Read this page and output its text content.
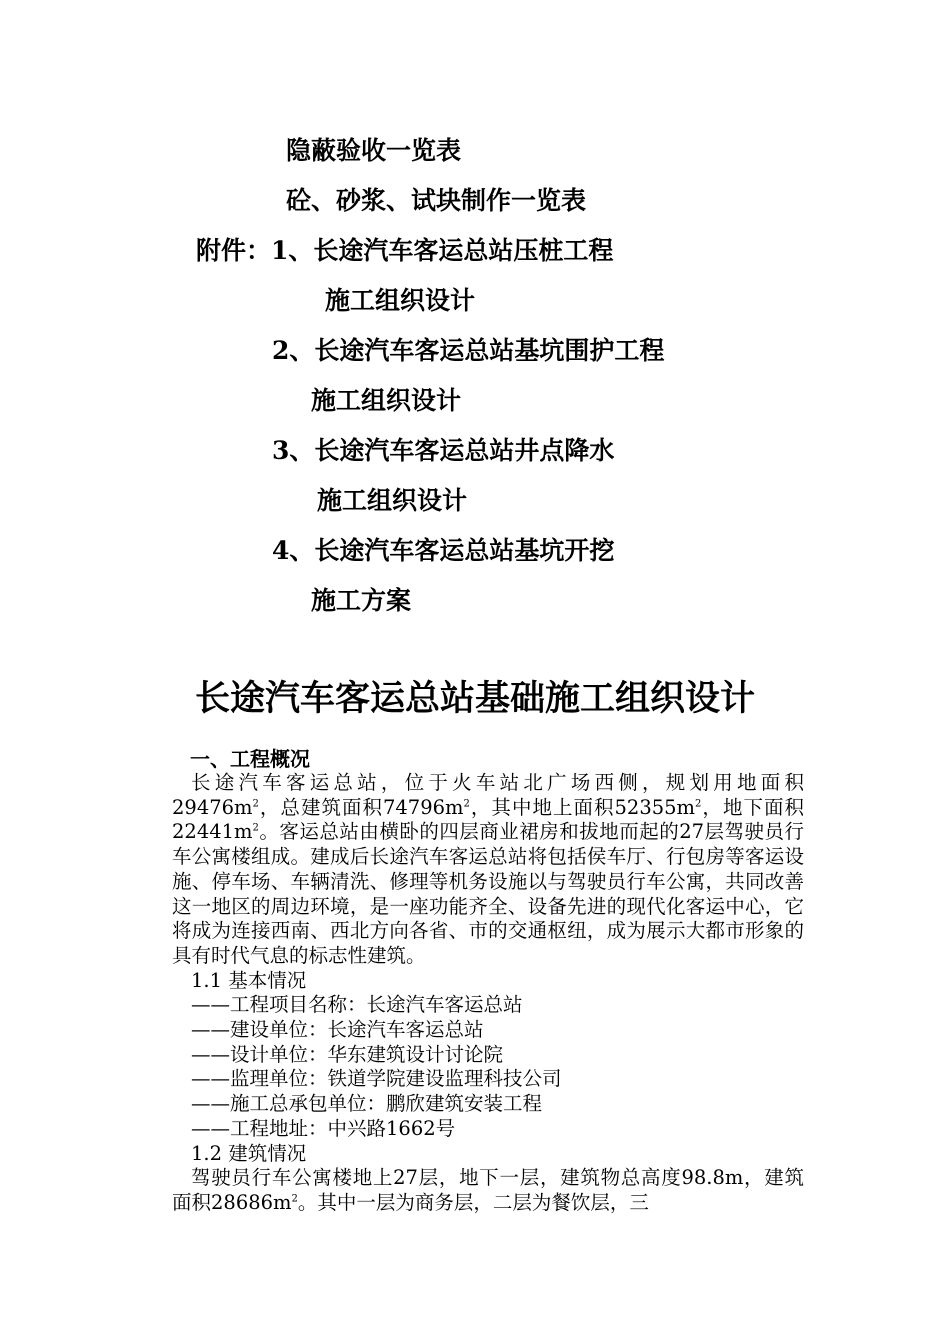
隐蔽验收一览表
砼、砂浆、试块制作一览表
附件：1、长途汽车客运总站压桩工程
施工组织设计
2、长途汽车客运总站基坑围护工程
施工组织设计
3、长途汽车客运总站井点降水
施工组织设计
4、长途汽车客运总站基坑开挖
施工方案
长途汽车客运总站基础施工组织设计
一、工程概况

长途汽车客运总站，位于火车站北广场西侧，规划用地面积$29476m^2$，总建筑面积$74796m^2$，其中地上面积$52355m^2$，地下面积$22441m^2$。客运总站由横卧的四层商业裙房和拔地而起的27层驾驶员行车公寓楼组成。建成后长途汽车客运总站将包括侯车厅、行包房等客运设施、停车场、车辆清洗、修理等机务设施以与驾驶员行车公寓，共同改善这一地区的周边环境，是一座功能齐全、设备先进的现代化客运中心，它将成为连接西南、西北方向各省、市的交通枢纽，成为展示大都市形象的具有时代气息的标志性建筑。

1.1 基本情况

——工程项目名称：长途汽车客运总站

——建设单位：长途汽车客运总站

——设计单位：华东建筑设计讨论院

——监理单位：铁道学院建设监理科技公司

——施工总承包单位：鹏欣建筑安装工程

——工程地址：中兴路1662号

1.2 建筑情况

驾驶员行车公寓楼地上27层，地下一层，建筑物总高度98.8m，建筑面积$28686m^2$。其中一层为商务层，二层为餐饮层，三
